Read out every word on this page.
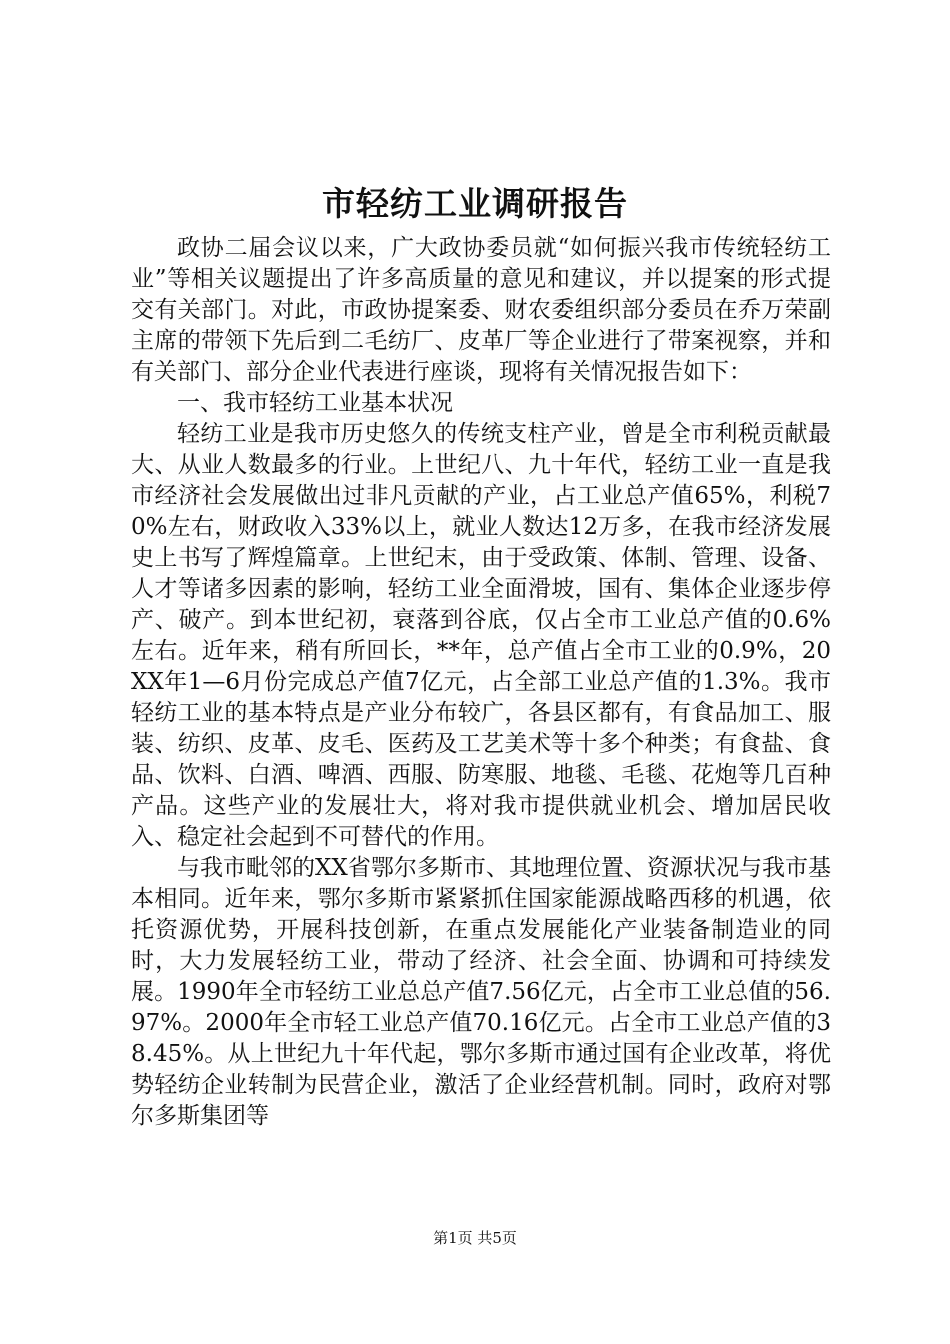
市轻纺工业调研报告

政协二届会议以来，广大政协委员就“如何振兴我市传统轻纺工业”等相关议题提出了许多高质量的意见和建议，并以提案的形式提交有关部门。对此，市政协提案委、财农委组织部分委员在乔万荣副主席的带领下先后到二毛纺厂、皮革厂等企业进行了带案视察，并和有关部门、部分企业代表进行座谈，现将有关情况报告如下：

一、我市轻纺工业基本状况

轻纺工业是我市历史悠久的传统支柱产业，曾是全市利税贡献最大、从业人数最多的行业。上世纪八、九十年代，轻纺工业一直是我市经济社会发展做出过非凡贡献的产业，占工业总产值65%，利税70%左右，财政收入33%以上，就业人数达12万多，在我市经济发展史上书写了辉煌篇章。上世纪末，由于受政策、体制、管理、设备、人才等诸多因素的影响，轻纺工业全面滑坡，国有、集体企业逐步停产、破产。到本世纪初，衰落到谷底，仅占全市工业总产值的0.6%左右。近年来，稍有所回长，**年，总产值占全市工业的0.9%，20XX年1—6月份完成总产值7亿元，占全部工业总产值的1.3%。我市轻纺工业的基本特点是产业分布较广，各县区都有，有食品加工、服装、纺织、皮革、皮毛、医药及工艺美术等十多个种类；有食盐、食品、饮料、白酒、啤酒、西服、防寒服、地毯、毛毯、花炮等几百种产品。这些产业的发展壮大，将对我市提供就业机会、增加居民收入、稳定社会起到不可替代的作用。

与我市毗邻的XX省鄂尔多斯市、其地理位置、资源状况与我市基本相同。近年来，鄂尔多斯市紧紧抓住国家能源战略西移的机遇，依托资源优势，开展科技创新，在重点发展能化产业装备制造业的同时，大力发展轻纺工业，带动了经济、社会全面、协调和可持续发展。1990年全市轻纺工业总总产值7.56亿元，占全市工业总值的56.97%。2000年全市轻工业总产值70.16亿元。占全市工业总产值的38.45%。从上世纪九十年代起，鄂尔多斯市通过国有企业改革，将优势轻纺企业转制为民营企业，激活了企业经营机制。同时，政府对鄂尔多斯集团等

第1页 共5页
